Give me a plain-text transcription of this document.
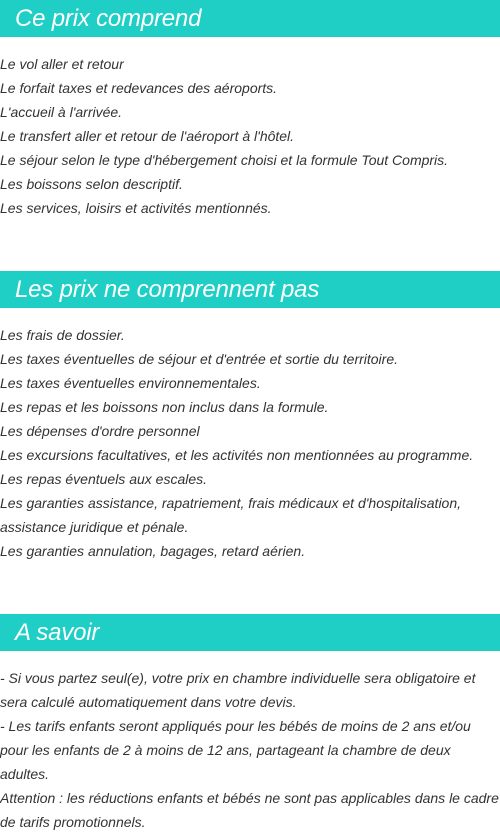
Ce prix comprend
Le vol aller et retour
Le forfait taxes et redevances des aéroports.
L'accueil à l'arrivée.
Le transfert aller et retour de l'aéroport à l'hôtel.
Le séjour selon le type d'hébergement choisi et la formule Tout Compris.
Les boissons selon descriptif.
Les services, loisirs et activités mentionnés.
Les prix ne comprennent pas
Les frais de dossier.
Les taxes éventuelles de séjour et d'entrée et sortie du territoire.
Les taxes éventuelles environnementales.
Les repas et les boissons non inclus dans la formule.
Les dépenses d'ordre personnel
Les excursions facultatives, et les activités non mentionnées au programme.
Les repas éventuels aux escales.
Les garanties assistance, rapatriement, frais médicaux et d'hospitalisation, assistance juridique et pénale.
Les garanties annulation, bagages, retard aérien.
A savoir
- Si vous partez seul(e), votre prix en chambre individuelle sera obligatoire et sera calculé automatiquement dans votre devis.
- Les tarifs enfants seront appliqués pour les bébés de moins de 2 ans et/ou pour les enfants de 2 à moins de 12 ans, partageant la chambre de deux adultes.
Attention : les réductions enfants et bébés ne sont pas applicables dans le cadre de tarifs promotionnels.
